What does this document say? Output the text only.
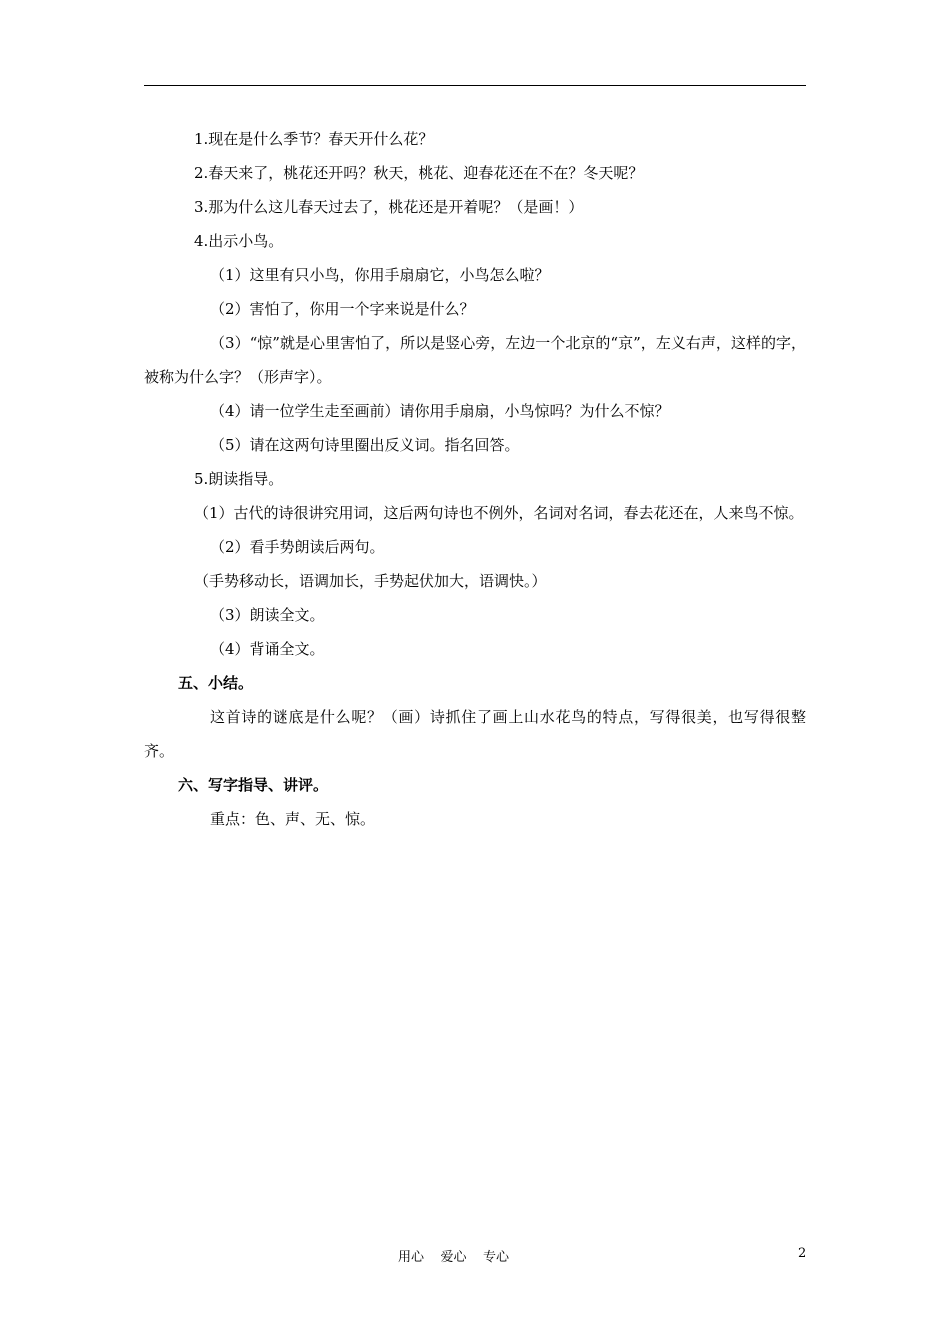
1.现在是什么季节？春天开什么花？
2.春天来了，桃花还开吗？秋天，桃花、迎春花还在不在？冬天呢？
3.那为什么这儿春天过去了，桃花还是开着呢？（是画！）
4.出示小鸟。
（1）这里有只小鸟，你用手扇扇它，小鸟怎么啦？
（2）害怕了，你用一个字来说是什么？
（3）“惊”就是心里害怕了，所以是竖心旁，左边一个北京的“京”，左义右声，这样的字，被称为什么字？（形声字）。
（4）请一位学生走至画前）请你用手扇扇，小鸟惊吗？为什么不惊？
（5）请在这两句诗里圈出反义词。指名回答。
5.朗读指导。
（1）古代的诗很讲究用词，这后两句诗也不例外，名词对名词，春去花还在，人来鸟不惊。
（2）看手势朗读后两句。
（手势移动长，语调加长，手势起伏加大，语调快。）
（3）朗读全文。
（4）背诵全文。
五、小结。
这首诗的谜底是什么呢？（画）诗抓住了画上山水花鸟的特点，写得很美，也写得很整齐。
六、写字指导、讲评。
重点：色、声、无、惊。
用心    爱心    专心	2
